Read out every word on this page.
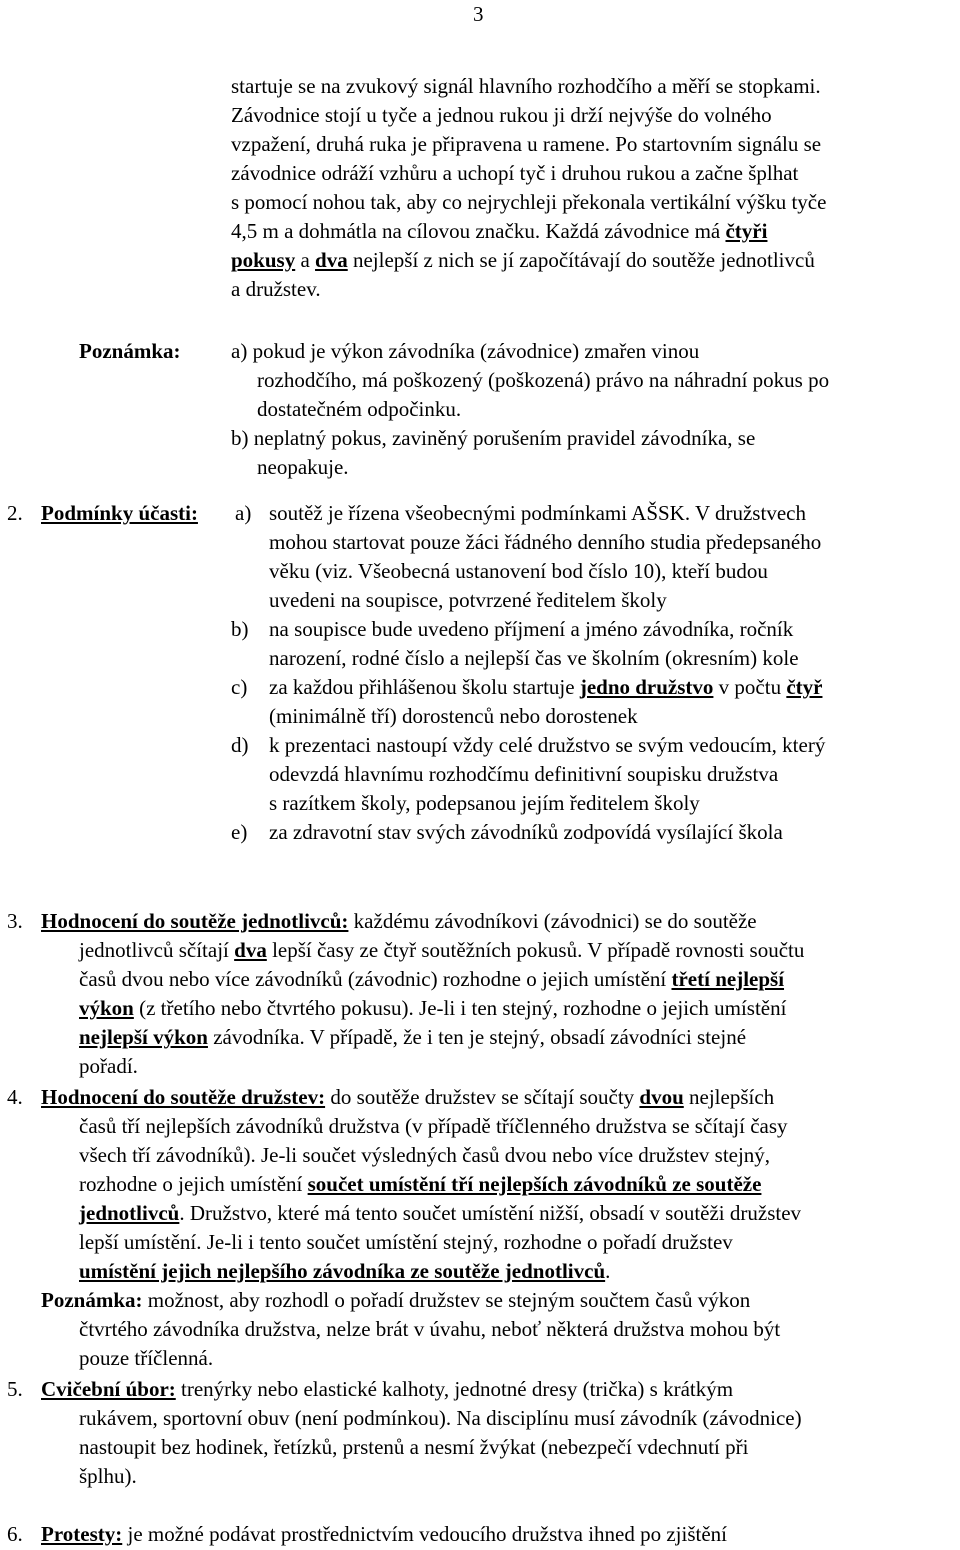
3
startuje se na zvukový signál hlavního rozhodčího a měří se stopkami.
Závodnice stojí u tyče a jednou rukou ji drží nejvýše do volného
vzpažení, druhá ruka je připravena u ramene. Po startovním signálu se
závodnice odráží vzhůru a uchopí tyč i druhou rukou a začne šplhat
s pomocí nohou tak, aby co nejrychleji překonala vertikální výšku tyče
4,5 m a dohmátla na cílovou značku. Každá závodnice má čtyři
pokusy a dva nejlepší z nich se jí započítávají do soutěže jednotlivců
a družstev.
Poznámka: a) pokud je výkon závodníka (závodnice) zmařen vinou
rozhodčího, má poškozený (poškozená) právo na náhradní pokus po
dostatečném odpočinku.
b) neplatný pokus, zaviněný porušením pravidel závodníka, se
neopakuje.
2. Podmínky účasti: a) soutěž je řízena všeobecnými podmínkami AŠSK. V družstvech
mohou startovat pouze žáci řádného denního studia předepsaného
věku (viz. Všeobecná ustanovení bod číslo 10), kteří budou
uvedeni na soupisce, potvrzené ředitelem školy
b) na soupisce bude uvedeno příjmení a jméno závodníka, ročník
narození, rodné číslo a nejlepší čas ve školním (okresním) kole
c) za každou přihlášenou školu startuje jedno družstvo v počtu čtyř
(minimálně tří) dorostenců nebo dorostenek
d) k prezentaci nastoupí vždy celé družstvo se svým vedoucím, který
odevzdá hlavnímu rozhodčímu definitivní soupisku družstva
s razítkem školy, podepsanou jejím ředitelem školy
e) za zdravotní stav svých závodníků zodpovídá vysílající škola
3. Hodnocení do soutěže jednotlivců: každému závodníkovi (závodnici) se do soutěže
jednotlivců sčítají dva lepší časy ze čtyř soutěžních pokusů. V případě rovnosti součtu
časů dvou nebo více závodníků (závodnic) rozhodne o jejich umístění třetí nejlepší
výkon (z třetího nebo čtvrtého pokusu). Je-li i ten stejný, rozhodne o jejich umístění
nejlepší výkon závodníka. V případě, že i ten je stejný, obsadí závodníci stejné
pořadí.
4. Hodnocení do soutěže družstev: do soutěže družstev se sčítají součty dvou nejlepších
časů tří nejlepších závodníků družstva (v případě tříčlenného družstva se sčítají časy
všech tří závodníků). Je-li součet výsledných časů dvou nebo více družstev stejný,
rozhodne o jejich umístění součet umístění tří nejlepších závodníků ze soutěže
jednotlivců. Družstvo, které má tento součet umístění nižší, obsadí v soutěži družstev
lepší umístění. Je-li i tento součet umístění stejný, rozhodne o pořadí družstev
umístění jejich nejlepšího závodníka ze soutěže jednotlivců.
Poznámka: možnost, aby rozhodl o pořadí družstev se stejným součtem časů výkon
čtvrtého závodníka družstva, nelze brát v úvahu, neboť některá družstva mohou být
pouze tříčlenná.
5. Cvičební úbor: trenýrky nebo elastické kalhoty, jednotné dresy (trička) s krátkým
rukávem, sportovní obuv (není podmínkou). Na disciplínu musí závodník (závodnice)
nastoupit bez hodinek, řetízků, prstenů a nesmí žvýkat (nebezpečí vdechnutí při
šplhu).
6. Protesty: je možné podávat prostřednictvím vedoucího družstva ihned po zjištění
